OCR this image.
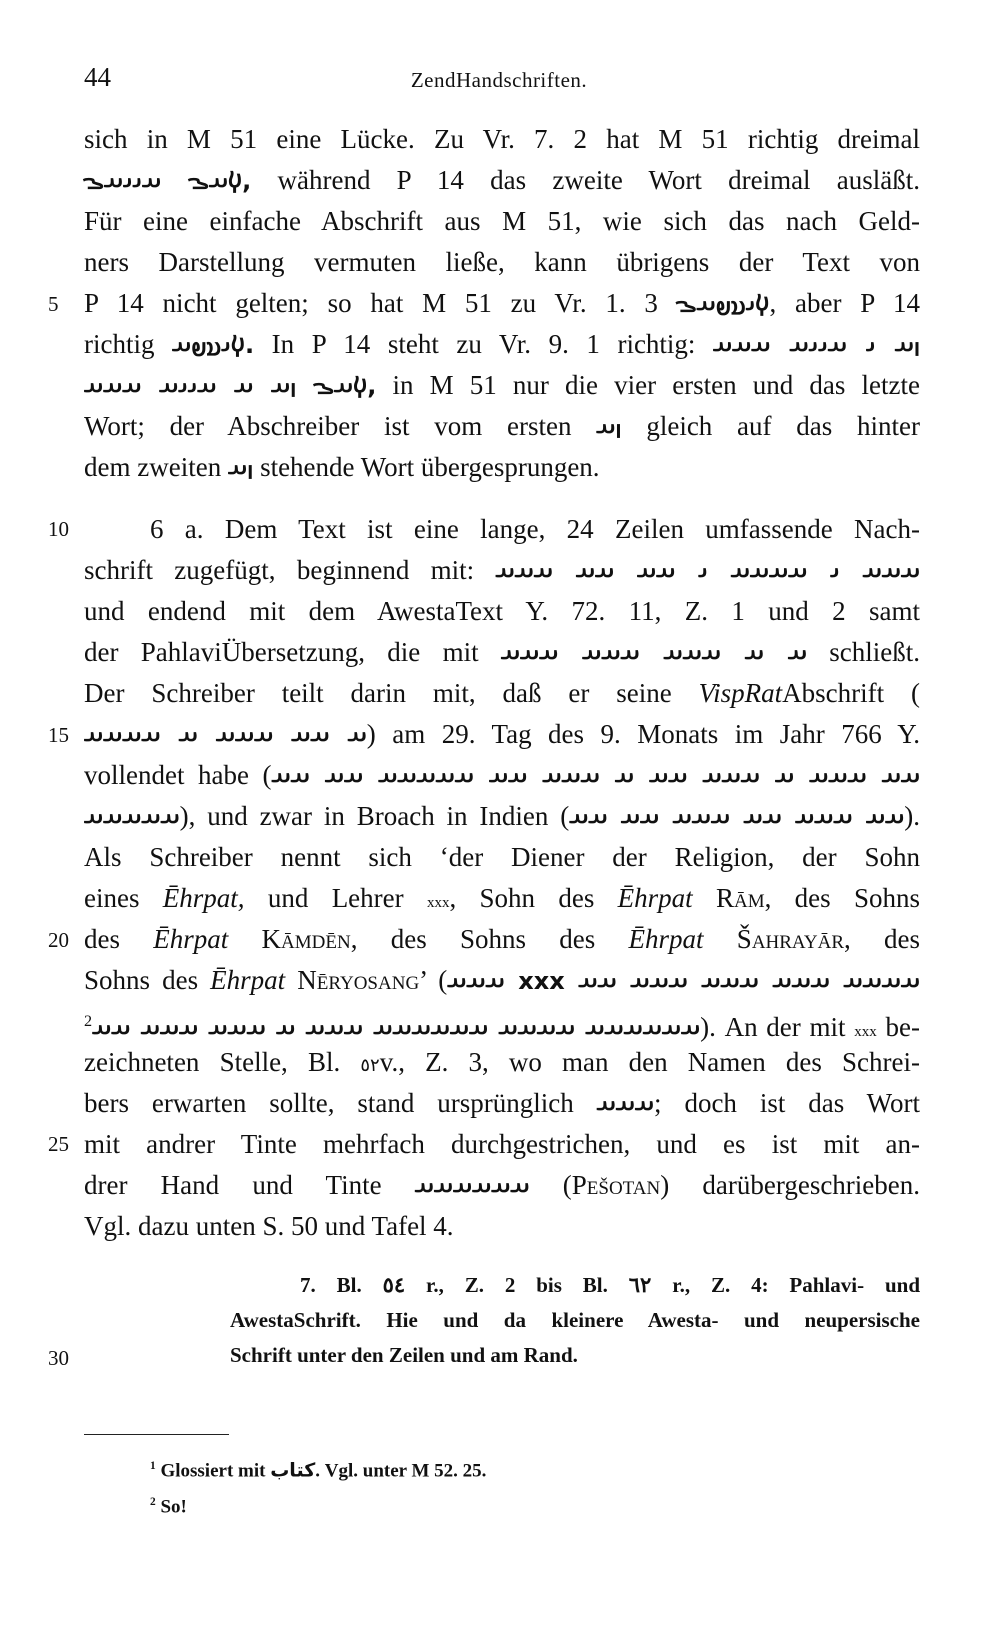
44	ZendHandschriften.
5
10
15
20
25
30
sich in M 51 eine Lücke. Zu Vr. 7. 2 hat M 51 richtig dreimal
𐬬𐬀𐬊 𐬀𐬌𐬌𐬀𐬊, während P 14 das zweite Wort dreimal ausläßt.
Für eine einfache Abschrift aus M 51, wie sich das nach Geld-
ners Darstellung vermuten ließe, kann übrigens der Text von
P 14 nicht gelten; so hat M 51 zu Vr. 1. 3 𐬬𐬌𐬯𐬞𐬀𐬊, aber P 14
richtig 𐬬𐬌𐬯𐬞𐬀. In P 14 steht zu Vr. 9. 1 richtig: 𐬥𐬀 𐬌 𐬀𐬌𐬌𐬀 𐬀𐬀𐬀
𐬬𐬀𐬊 𐬥𐬀 𐬀 𐬀𐬌𐬌𐬀 𐬀𐬀𐬀, in M 51 nur die vier ersten und das letzte
Wort; der Abschreiber ist vom ersten 𐬥𐬀 gleich auf das hinter
dem zweiten 𐬥𐬀 stehende Wort übergesprungen.
6 a. Dem Text ist eine lange, 24 Zeilen umfassende Nach-
schrift zugefügt, beginnend mit: 𐬀𐬀𐬀 𐬌 𐬀𐬀𐬀𐬀 𐬌 𐬀𐬀 𐬀𐬀 𐬀𐬀𐬀
und endend mit dem AwestaText Y. 72. 11, Z. 1 und 2 samt
der PahlaviÜbersetzung, die mit 𐬀 𐬀 𐬀𐬀𐬀 𐬀𐬀𐬀 𐬀𐬀𐬀 schließt.
Der Schreiber teilt darin mit, daß er seine VispRatAbschrift (
𐬀 𐬀𐬀 𐬀𐬀𐬀 𐬀 𐬀𐬀𐬀𐬀) am 29. Tag des 9. Monats im Jahr 766 Y.
vollendet habe (𐬀𐬀 𐬀𐬀𐬀 𐬀 𐬀𐬀𐬀 𐬀𐬀 𐬀 𐬀𐬀𐬀 𐬀𐬀 𐬀𐬀𐬀𐬀𐬀 𐬀𐬀 𐬀𐬀
𐬀𐬀𐬀𐬀𐬀), und zwar in Broach in Indien (𐬀𐬀 𐬀𐬀𐬀 𐬀𐬀 𐬀𐬀𐬀 𐬀𐬀 𐬀𐬀).
Als Schreiber nennt sich ‘der Diener der Religion, der Sohn
eines Ēhrpat, und Lehrer xxx, Sohn des Ēhrpat Rām, des Sohns
des Ēhrpat Kāmdēn, des Sohns des Ēhrpat Šahrayār, des
Sohns des Ēhrpat Nēryosang’ (𐬀𐬀𐬀 xxx 𐬀𐬀𐬀𐬀 𐬀𐬀𐬀 𐬀𐬀𐬀 𐬀𐬀𐬀 𐬀𐬀
$^2$𐬀𐬀𐬀𐬀𐬀𐬀 𐬀𐬀𐬀𐬀 𐬀𐬀𐬀𐬀𐬀𐬀 𐬀𐬀𐬀 𐬀 𐬀𐬀𐬀 𐬀𐬀𐬀 𐬀𐬀). An der mit xxx be-
zeichneten Stelle, Bl. ٥٢v., Z. 3, wo man den Namen des Schrei-
bers erwarten sollte, stand ursprünglich 𐬀𐬀𐬀; doch ist das Wort
mit andrer Tinte mehrfach durchgestrichen, und es ist mit an-
drer Hand und Tinte 𐬀𐬀𐬀𐬀𐬀𐬀 (Pešotan) darübergeschrieben.
Vgl. dazu unten S. 50 und Tafel 4.
7. Bl. ٥٤ r., Z. 2 bis Bl. ٦٢ r., Z. 4: Pahlavi- und
AwestaSchrift. Hie und da kleinere Awesta- und neupersische
Schrift unter den Zeilen und am Rand.
$^1$ Glossiert mit کتاب. Vgl. unter M 52. 25.
$^2$ So!
